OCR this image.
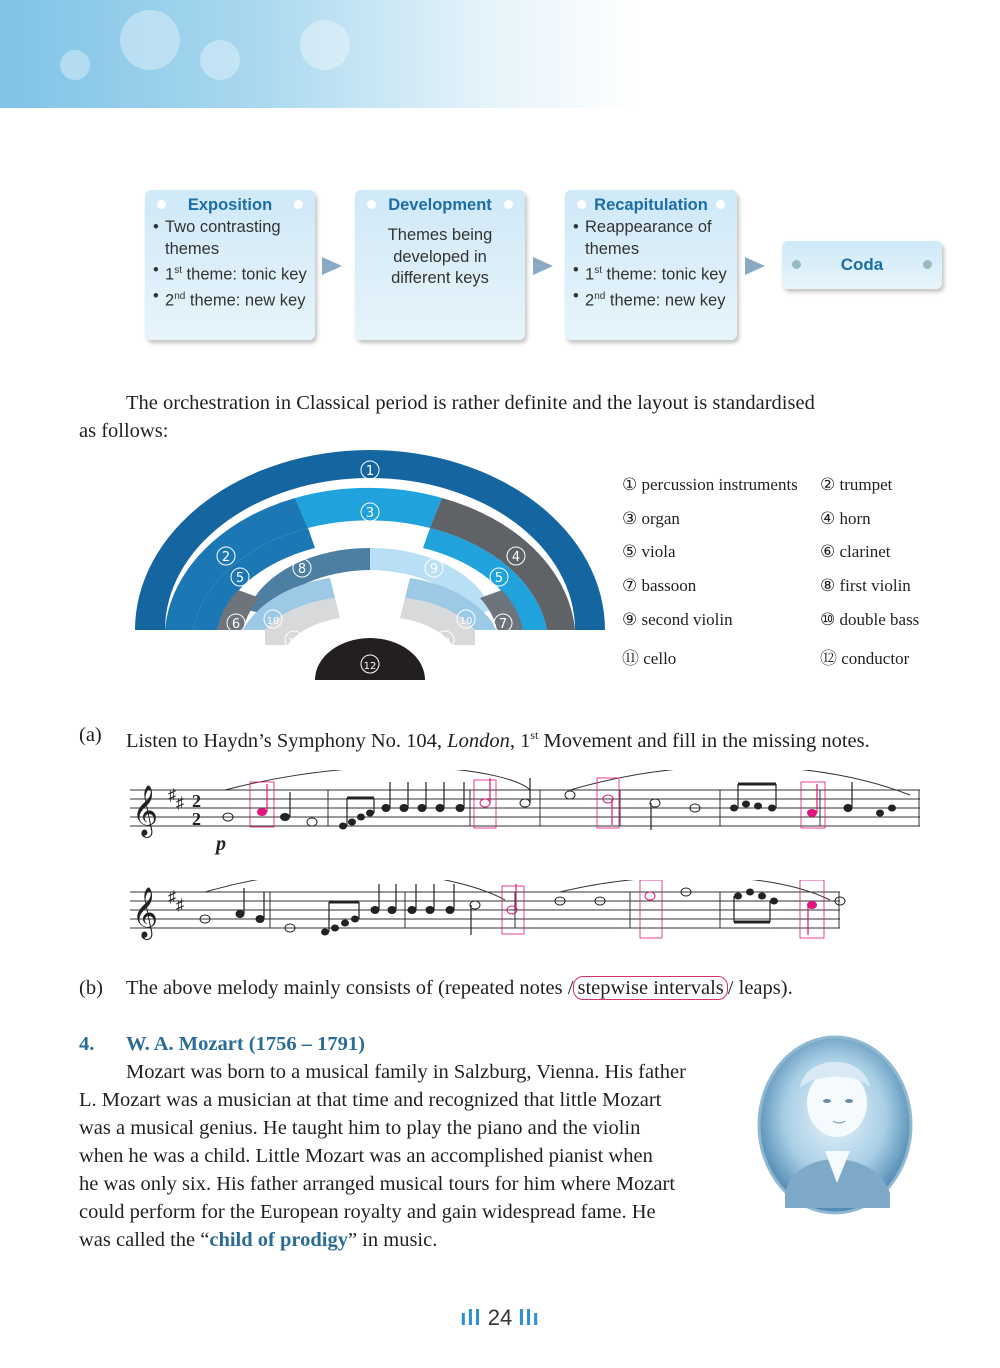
Exposition
• Two contrasting themes
• 1st theme: tonic key
• 2nd theme: new key
Development
Themes being
developed in
different keys
Recapitulation
• Reappearance of themes
• 1st theme: tonic key
• 2nd theme: new key
Coda
The orchestration in Classical period is rather definite and the layout is standardised
as follows:
1
3
2	4
5	5
8	9
6	7
10	10
11	11
12
① percussion instruments ② trumpet
③ organ	④ horn
⑤ viola	⑥ clarinet
⑦ bassoon	⑧ first violin
⑨ second violin	⑩ double bass
⑪ cello	⑫ conductor
(a) Listen to Haydn’s Symphony No. 104, London, 1st Movement and fill in the missing notes.
𝄞 ♯ ♯ 2
2
p
𝄞 ♯ ♯
(b) The above melody mainly consists of (repeated notes / stepwise intervals / leaps).
4. W. A. Mozart (1756 – 1791)
Mozart was born to a musical family in Salzburg, Vienna. His father
L. Mozart was a musician at that time and recognized that little Mozart
was a musical genius. He taught him to play the piano and the violin
when he was a child. Little Mozart was an accomplished pianist when
he was only six. His father arranged musical tours for him where Mozart
could perform for the European royalty and gain widespread fame. He
was called the “child of prodigy” in music.
ıll 24 llı
